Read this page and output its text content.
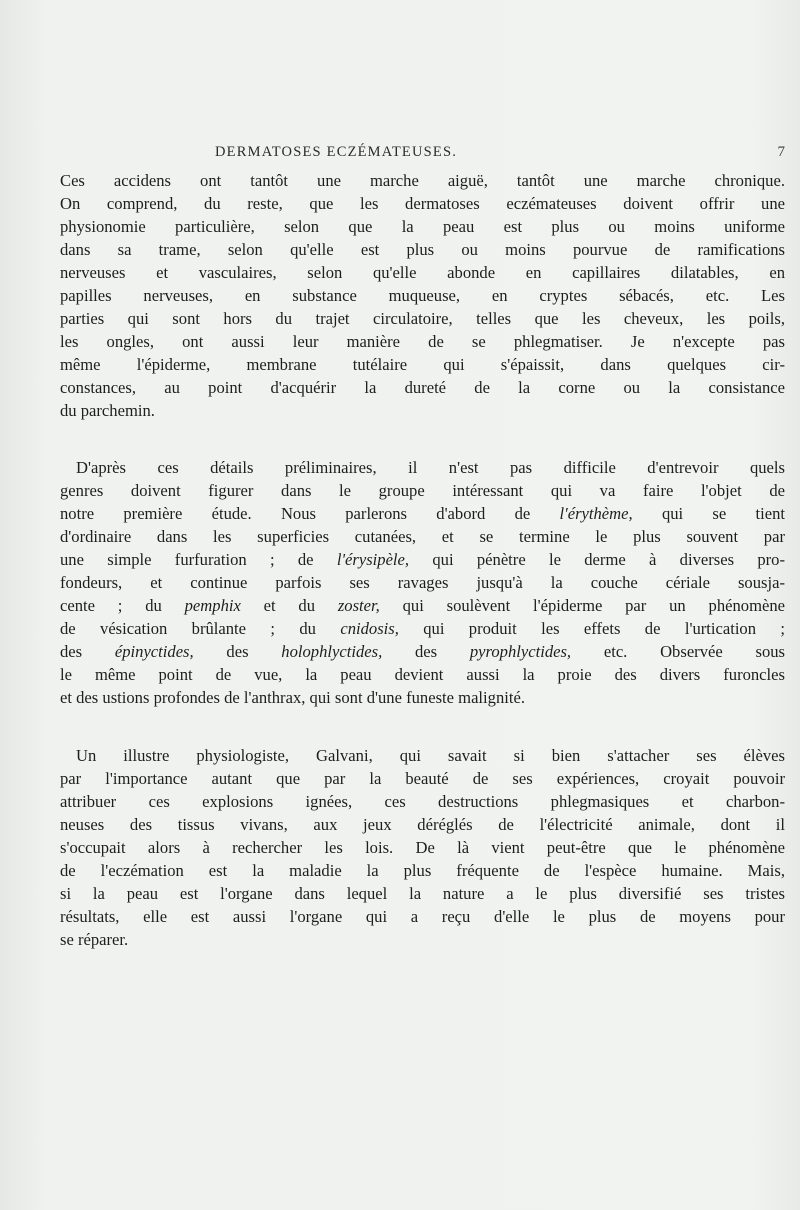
DERMATOSES ECZÉMATEUSES.	7

Ces accidens ont tantôt une marche aiguë, tantôt une marche chronique.
On comprend, du reste, que les dermatoses eczémateuses doivent offrir une
physionomie particulière, selon que la peau est plus ou moins uniforme
dans sa trame, selon qu'elle est plus ou moins pourvue de ramifications
nerveuses et vasculaires, selon qu'elle abonde en capillaires dilatables, en
papilles nerveuses, en substance muqueuse, en cryptes sébacés, etc. Les
parties qui sont hors du trajet circulatoire, telles que les cheveux, les poils,
les ongles, ont aussi leur manière de se phlegmatiser. Je n'excepte pas
même l'épiderme, membrane tutélaire qui s'épaissit, dans quelques cir-
constances, au point d'acquérir la dureté de la corne ou la consistance
du parchemin.

D'après ces détails préliminaires, il n'est pas difficile d'entrevoir quels
genres doivent figurer dans le groupe intéressant qui va faire l'objet de
notre première étude. Nous parlerons d'abord de l'érythème, qui se tient
d'ordinaire dans les superficies cutanées, et se termine le plus souvent par
une simple furfuration ; de l'érysipèle, qui pénètre le derme à diverses pro-
fondeurs, et continue parfois ses ravages jusqu'à la couche cériale sousja-
cente ; du pemphix et du zoster, qui soulèvent l'épiderme par un phénomène
de vésication brûlante ; du cnidosis, qui produit les effets de l'urtication ;
des épinyctides, des holophlyctides, des pyrophlyctides, etc. Observée sous
le même point de vue, la peau devient aussi la proie des divers furoncles
et des ustions profondes de l'anthrax, qui sont d'une funeste malignité.

Un illustre physiologiste, Galvani, qui savait si bien s'attacher ses élèves
par l'importance autant que par la beauté de ses expériences, croyait pouvoir
attribuer ces explosions ignées, ces destructions phlegmasiques et charbon-
neuses des tissus vivans, aux jeux déréglés de l'électricité animale, dont il
s'occupait alors à rechercher les lois. De là vient peut-être que le phénomène
de l'eczémation est la maladie la plus fréquente de l'espèce humaine. Mais,
si la peau est l'organe dans lequel la nature a le plus diversifié ses tristes
résultats, elle est aussi l'organe qui a reçu d'elle le plus de moyens pour
se réparer.
